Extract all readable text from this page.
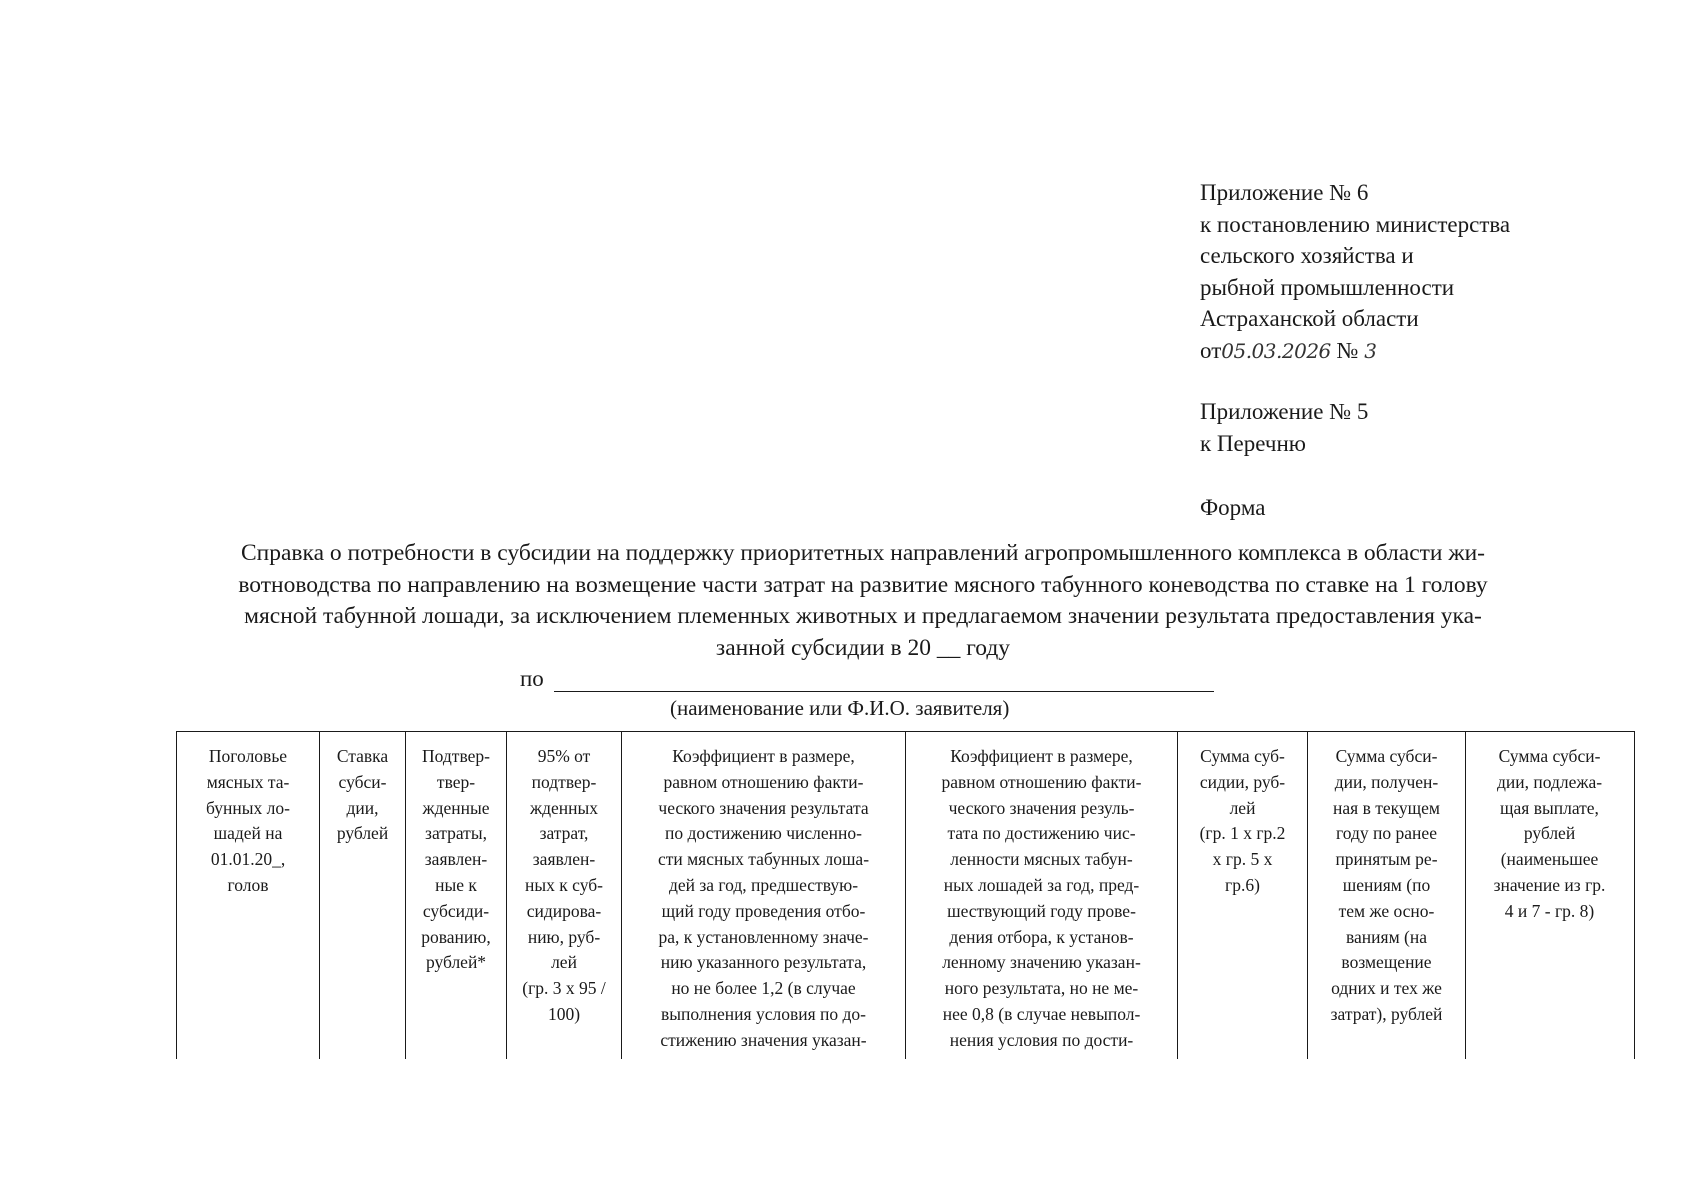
Приложение № 6
к постановлению министерства
сельского хозяйства и
рыбной промышленности
Астраханской области
от05.03.2026 № 3
Приложение № 5
к Перечню
Форма
Справка о потребности в субсидии на поддержку приоритетных направлений агропромышленного комплекса в области жи-
вотноводства по направлению на возмещение части затрат на развитие мясного табунного коневодства по ставке на 1 голову
мясной табунной лошади, за исключением племенных животных и предлагаемом значении результата предоставления ука-
занной субсидии в 20 __ году
по
(наименование или Ф.И.О. заявителя)
Поголовье
мясных та-
бунных ло-
шадей на
01.01.20_,
голов
Ставка
субси-
дии,
рублей
Подтвер-
твер-
жденные
затраты,
заявлен-
ные к
субсиди-
рованию,
рублей*
95% от
подтвер-
жденных
затрат,
заявлен-
ных к суб-
сидирова-
нию, руб-
лей
(гр. 3 x 95 /
100)
Коэффициент в размере,
равном отношению факти-
ческого значения результата
по достижению численно-
сти мясных табунных лоша-
дей за год, предшествую-
щий году проведения отбо-
ра, к установленному значе-
нию указанного результата,
но не более 1,2 (в случае
выполнения условия по до-
стижению значения указан-
Коэффициент в размере,
равном отношению факти-
ческого значения резуль-
тата по достижению чис-
ленности мясных табун-
ных лошадей за год, пред-
шествующий году прове-
дения отбора, к установ-
ленному значению указан-
ного результата, но не ме-
нее 0,8 (в случае невыпол-
нения условия по дости-
Сумма суб-
сидии, руб-
лей
(гр. 1 x гр.2
x гр. 5 x
гр.6)
Сумма субси-
дии, получен-
ная в текущем
году по ранее
принятым ре-
шениям (по
тем же осно-
ваниям (на
возмещение
одних и тех же
затрат), рублей
Сумма субси-
дии, подлежа-
щая выплате,
рублей
(наименьшее
значение из гр.
4 и 7 - гр. 8)
